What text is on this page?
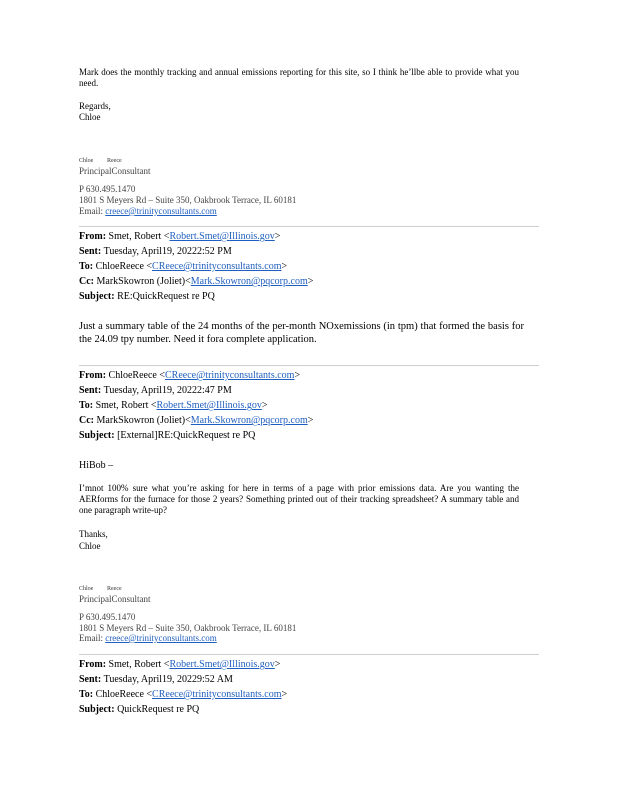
Mark does the monthly tracking and annual emissions reporting for this site, so I think he’llbe able to provide what you need.
Regards,
Chloe
Chloe Reece
PrincipalConsultant
P 630.495.1470
1801 S Meyers Rd – Suite 350, Oakbrook Terrace, IL 60181
Email: creece@trinityconsultants.com
From: Smet, Robert <Robert.Smet@Illinois.gov>
Sent: Tuesday, April19, 20222:52 PM
To: ChloeReece <CReece@trinityconsultants.com>
Cc: MarkSkowron (Joliet)<Mark.Skowron@pqcorp.com>
Subject: RE:QuickRequest re PQ
Just a summary table of the 24 months of the per-month NOxemissions (in tpm) that formed the basis for the 24.09 tpy number. Need it fora complete application.
From: ChloeReece <CReece@trinityconsultants.com>
Sent: Tuesday, April19, 20222:47 PM
To: Smet, Robert <Robert.Smet@Illinois.gov>
Cc: MarkSkowron (Joliet)<Mark.Skowron@pqcorp.com>
Subject: [External]RE:QuickRequest re PQ
HiBob –
I’mnot 100% sure what you’re asking for here in terms of a page with prior emissions data. Are you wanting the AERforms for the furnace for those 2 years? Something printed out of their tracking spreadsheet? A summary table and one paragraph write-up?
Thanks,
Chloe
Chloe Reece
PrincipalConsultant
P 630.495.1470
1801 S Meyers Rd – Suite 350, Oakbrook Terrace, IL 60181
Email: creece@trinityconsultants.com
From: Smet, Robert <Robert.Smet@Illinois.gov>
Sent: Tuesday, April19, 20229:52 AM
To: ChloeReece <CReece@trinityconsultants.com>
Subject: QuickRequest re PQ
